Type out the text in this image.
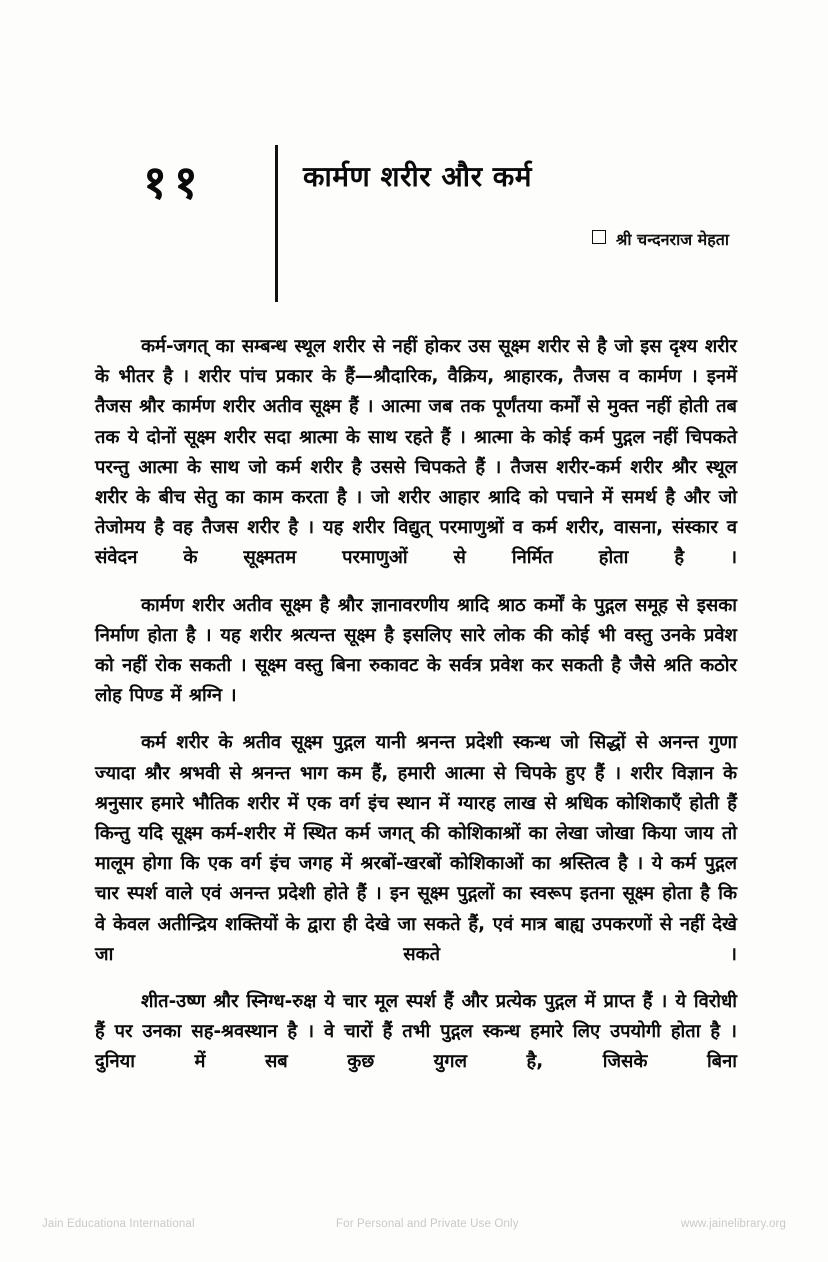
११	कार्मण शरीर और कर्म
श्री चन्दनराज मेहता

कर्म-जगत् का सम्बन्ध स्थूल शरीर से नहीं होकर उस सूक्ष्म शरीर से है जो इस दृश्य शरीर के भीतर है । शरीर पांच प्रकार के हैं—श्रौदारिक, वैक्रिय, श्राहारक, तैजस व कार्मण । इनमें तैजस श्रौर कार्मण शरीर अतीव सूक्ष्म हैं । आत्मा जब तक पूर्णंतया कर्मों से मुक्त नहीं होती तब तक ये दोनों सूक्ष्म शरीर सदा श्रात्मा के साथ रहते हैं । श्रात्मा के कोई कर्म पुद्गल नहीं चिपकते परन्तु आत्मा के साथ जो कर्म शरीर है उससे चिपकते हैं । तैजस शरीर-कर्म शरीर श्रौर स्थूल शरीर के बीच सेतु का काम करता है । जो शरीर आहार श्रादि को पचाने में समर्थ है और जो तेजोमय है वह तैजस शरीर है । यह शरीर विद्युत् परमाणुश्रों व कर्म शरीर, वासना, संस्कार व संवेदन के सूक्ष्मतम परमाणुओं से निर्मित होता है ।

कार्मण शरीर अतीव सूक्ष्म है श्रौर ज्ञानावरणीय श्रादि श्राठ कर्मों के पुद्गल समूह से इसका निर्माण होता है । यह शरीर श्रत्यन्त सूक्ष्म है इसलिए सारे लोक की कोई भी वस्तु उनके प्रवेश को नहीं रोक सकती । सूक्ष्म वस्तु बिना रुकावट के सर्वत्र प्रवेश कर सकती है जैसे श्रति कठोर लोह पिण्ड में श्रग्नि ।

कर्म शरीर के श्रतीव सूक्ष्म पुद्गल यानी श्रनन्त प्रदेशी स्कन्ध जो सिद्धों से अनन्त गुणा ज्यादा श्रौर श्रभवी से श्रनन्त भाग कम हैं, हमारी आत्मा से चिपके हुए हैं । शरीर विज्ञान के श्रनुसार हमारे भौतिक शरीर में एक वर्ग इंच स्थान में ग्यारह लाख से श्रधिक कोशिकाएँ होती हैं किन्तु यदि सूक्ष्म कर्म-शरीर में स्थित कर्म जगत् की कोशिकाश्रों का लेखा जोखा किया जाय तो मालूम होगा कि एक वर्ग इंच जगह में श्ररबों-खरबों कोशिकाओं का श्रस्तित्व है । ये कर्म पुद्गल चार स्पर्श वाले एवं अनन्त प्रदेशी होते हैं । इन सूक्ष्म पुद्गलों का स्वरूप इतना सूक्ष्म होता है कि वे केवल अतीन्द्रिय शक्तियों के द्वारा ही देखे जा सकते हैं, एवं मात्र बाह्य उपकरणों से नहीं देखे जा सकते ।

शीत-उष्ण श्रौर स्निग्ध-रुक्ष ये चार मूल स्पर्श हैं और प्रत्येक पुद्गल में प्राप्त हैं । ये विरोधी हैं पर उनका सह-श्रवस्थान है । वे चारों हैं तभी पुद्गल स्कन्ध हमारे लिए उपयोगी होता है । दुनिया में सब कुछ युगल है, जिसके बिना

Jain Educationa International	For Personal and Private Use Only	www.jainelibrary.org
